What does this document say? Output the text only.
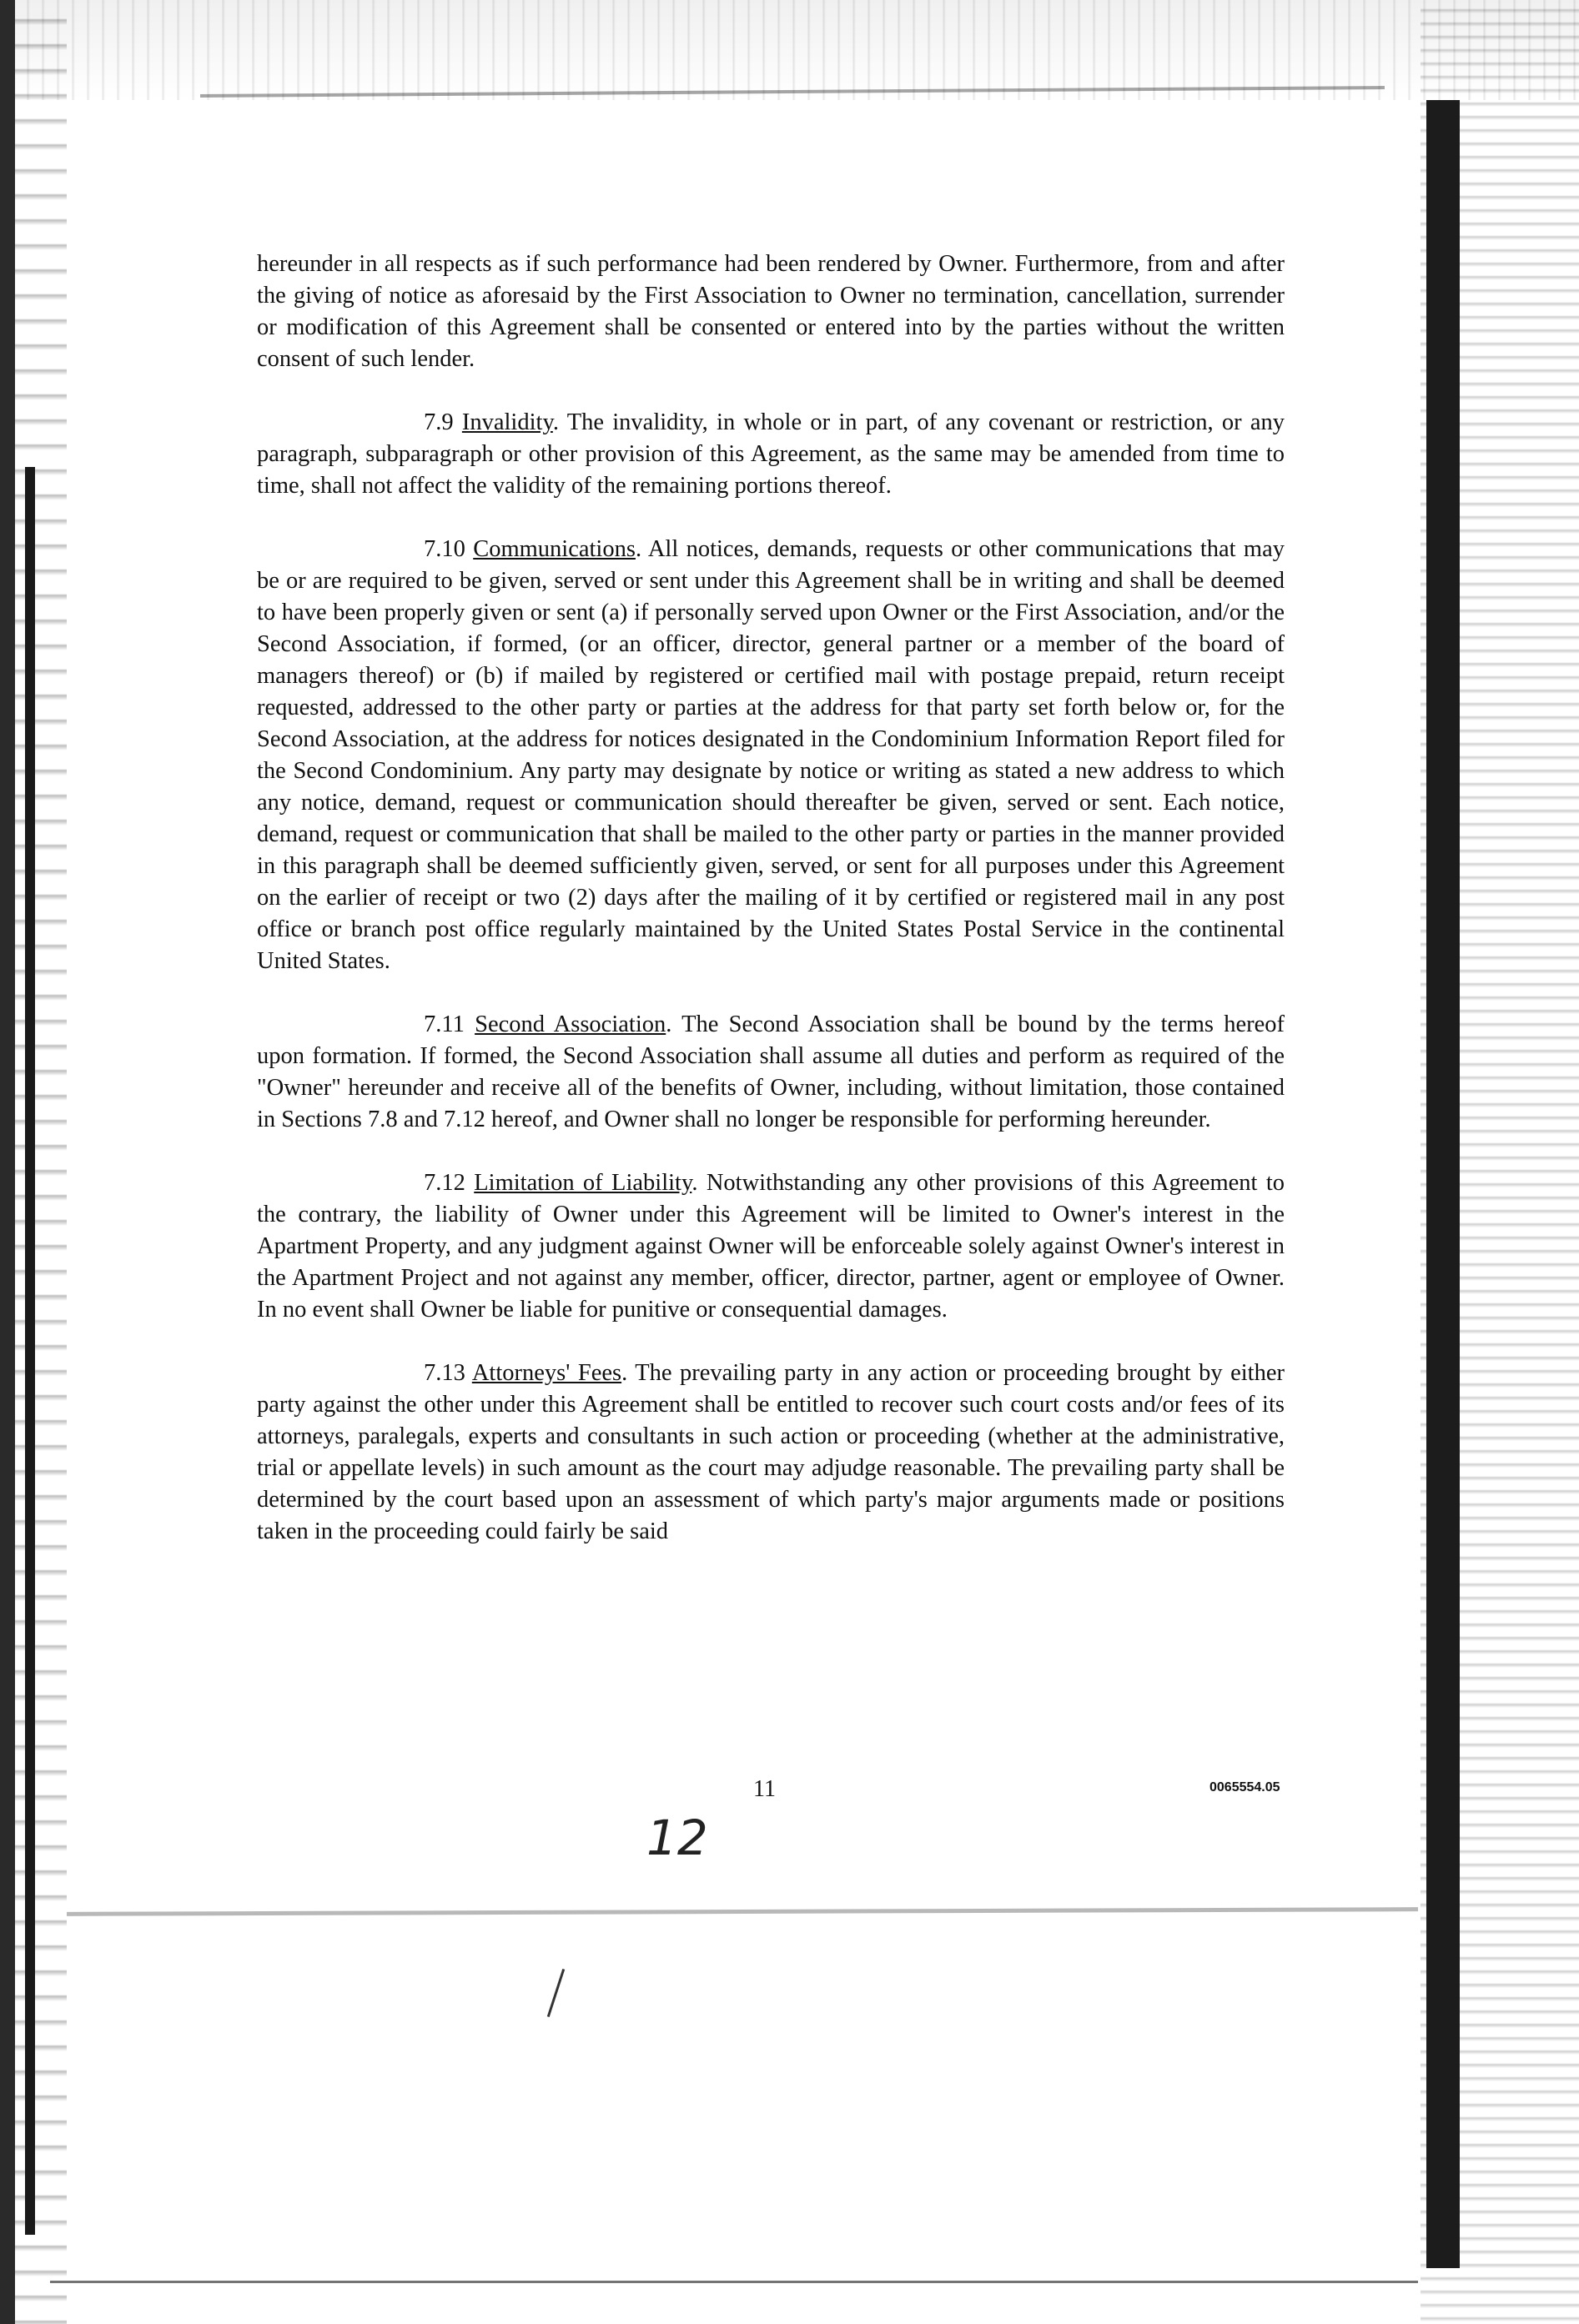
hereunder in all respects as if such performance had been rendered by Owner. Furthermore, from and after the giving of notice as aforesaid by the First Association to Owner no termination, cancellation, surrender or modification of this Agreement shall be consented or entered into by the parties without the written consent of such lender.

7.9 Invalidity. The invalidity, in whole or in part, of any covenant or restriction, or any paragraph, subparagraph or other provision of this Agreement, as the same may be amended from time to time, shall not affect the validity of the remaining portions thereof.

7.10 Communications. All notices, demands, requests or other communications that may be or are required to be given, served or sent under this Agreement shall be in writing and shall be deemed to have been properly given or sent (a) if personally served upon Owner or the First Association, and/or the Second Association, if formed, (or an officer, director, general partner or a member of the board of managers thereof) or (b) if mailed by registered or certified mail with postage prepaid, return receipt requested, addressed to the other party or parties at the address for that party set forth below or, for the Second Association, at the address for notices designated in the Condominium Information Report filed for the Second Condominium. Any party may designate by notice or writing as stated a new address to which any notice, demand, request or communication should thereafter be given, served or sent. Each notice, demand, request or communication that shall be mailed to the other party or parties in the manner provided in this paragraph shall be deemed sufficiently given, served, or sent for all purposes under this Agreement on the earlier of receipt or two (2) days after the mailing of it by certified or registered mail in any post office or branch post office regularly maintained by the United States Postal Service in the continental United States.

7.11 Second Association. The Second Association shall be bound by the terms hereof upon formation. If formed, the Second Association shall assume all duties and perform as required of the "Owner" hereunder and receive all of the benefits of Owner, including, without limitation, those contained in Sections 7.8 and 7.12 hereof, and Owner shall no longer be responsible for performing hereunder.

7.12 Limitation of Liability. Notwithstanding any other provisions of this Agreement to the contrary, the liability of Owner under this Agreement will be limited to Owner's interest in the Apartment Property, and any judgment against Owner will be enforceable solely against Owner's interest in the Apartment Project and not against any member, officer, director, partner, agent or employee of Owner. In no event shall Owner be liable for punitive or consequential damages.

7.13 Attorneys' Fees. The prevailing party in any action or proceeding brought by either party against the other under this Agreement shall be entitled to recover such court costs and/or fees of its attorneys, paralegals, experts and consultants in such action or proceeding (whether at the administrative, trial or appellate levels) in such amount as the court may adjudge reasonable. The prevailing party shall be determined by the court based upon an assessment of which party's major arguments made or positions taken in the proceeding could fairly be said

11	0065554.05
12
